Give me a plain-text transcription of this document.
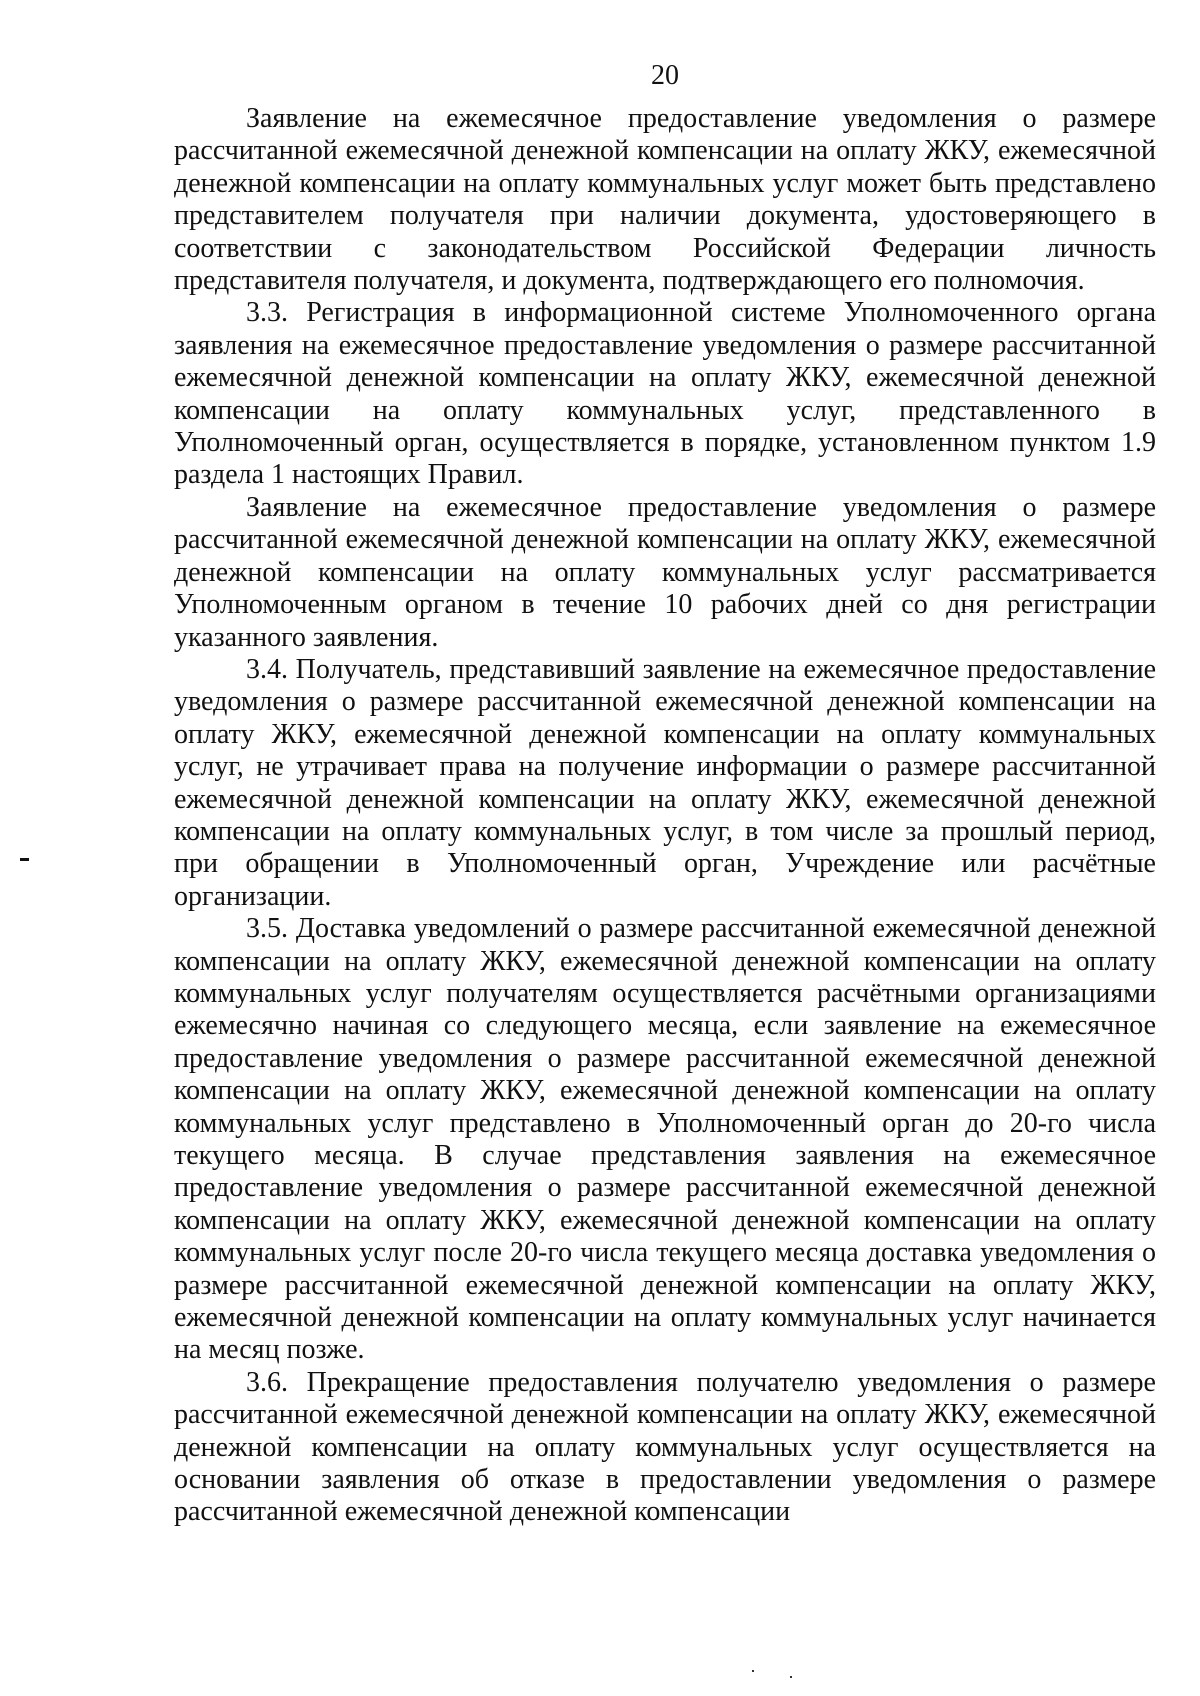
20

Заявление на ежемесячное предоставление уведомления о размере рассчитанной ежемесячной денежной компенсации на оплату ЖКУ, ежемесячной денежной компенсации на оплату коммунальных услуг может быть представлено представителем получателя при наличии документа, удостоверяющего в соответствии с законодательством Российской Федерации личность представителя получателя, и документа, подтверждающего его полномочия.

3.3. Регистрация в информационной системе Уполномоченного органа заявления на ежемесячное предоставление уведомления о размере рассчитанной ежемесячной денежной компенсации на оплату ЖКУ, ежемесячной денежной компенсации на оплату коммунальных услуг, представленного в Уполномоченный орган, осуществляется в порядке, установленном пунктом 1.9 раздела 1 настоящих Правил.

Заявление на ежемесячное предоставление уведомления о размере рассчитанной ежемесячной денежной компенсации на оплату ЖКУ, ежемесячной денежной компенсации на оплату коммунальных услуг рассматривается Уполномоченным органом в течение 10 рабочих дней со дня регистрации указанного заявления.

3.4. Получатель, представивший заявление на ежемесячное предоставление уведомления о размере рассчитанной ежемесячной денежной компенсации на оплату ЖКУ, ежемесячной денежной компенсации на оплату коммунальных услуг, не утрачивает права на получение информации о размере рассчитанной ежемесячной денежной компенсации на оплату ЖКУ, ежемесячной денежной компенсации на оплату коммунальных услуг, в том числе за прошлый период, при обращении в Уполномоченный орган, Учреждение или расчётные организации.

3.5. Доставка уведомлений о размере рассчитанной ежемесячной денежной компенсации на оплату ЖКУ, ежемесячной денежной компенсации на оплату коммунальных услуг получателям осуществляется расчётными организациями ежемесячно начиная со следующего месяца, если заявление на ежемесячное предоставление уведомления о размере рассчитанной ежемесячной денежной компенсации на оплату ЖКУ, ежемесячной денежной компенсации на оплату коммунальных услуг представлено в Уполномоченный орган до 20-го числа текущего месяца. В случае представления заявления на ежемесячное предоставление уведомления о размере рассчитанной ежемесячной денежной компенсации на оплату ЖКУ, ежемесячной денежной компенсации на оплату коммунальных услуг после 20-го числа текущего месяца доставка уведомления о размере рассчитанной ежемесячной денежной компенсации на оплату ЖКУ, ежемесячной денежной компенсации на оплату коммунальных услуг начинается на месяц позже.

3.6. Прекращение предоставления получателю уведомления о размере рассчитанной ежемесячной денежной компенсации на оплату ЖКУ, ежемесячной денежной компенсации на оплату коммунальных услуг осуществляется на основании заявления об отказе в предоставлении уведомления о размере рассчитанной ежемесячной денежной компенсации
